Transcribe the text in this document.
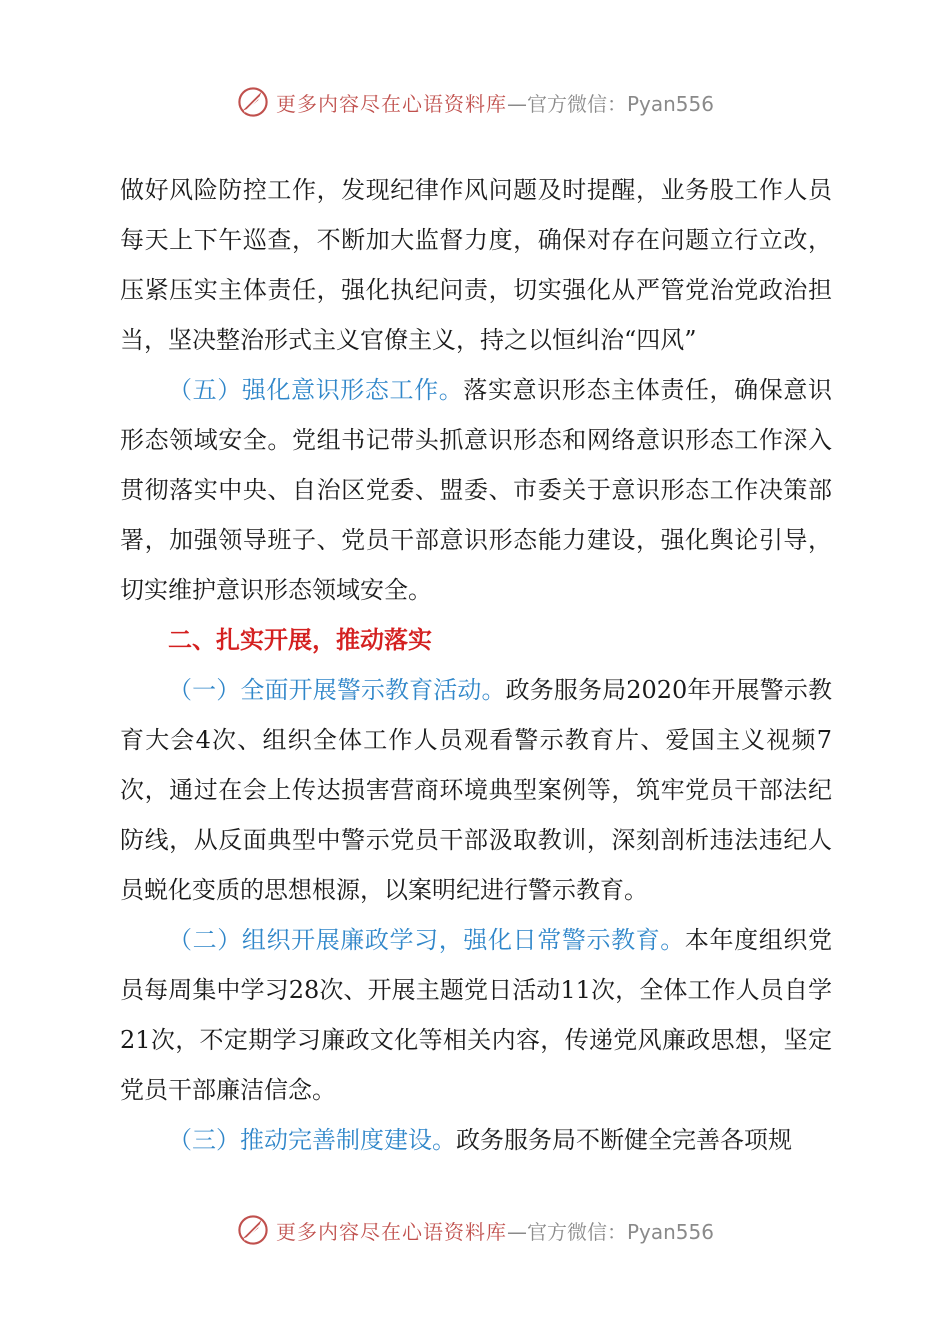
更多内容尽在心语资料库 —官方微信：Pyan556

做好风险防控工作，发现纪律作风问题及时提醒，业务股工作人员每天上下午巡查，不断加大监督力度，确保对存在问题立行立改，压紧压实主体责任，强化执纪问责，切实强化从严管党治党政治担当，坚决整治形式主义官僚主义，持之以恒纠治“四风”

（五）强化意识形态工作。落实意识形态主体责任，确保意识形态领域安全。党组书记带头抓意识形态和网络意识形态工作深入贯彻落实中央、自治区党委、盟委、市委关于意识形态工作决策部署，加强领导班子、党员干部意识形态能力建设，强化舆论引导，切实维护意识形态领域安全。

二、扎实开展，推动落实

（一）全面开展警示教育活动。政务服务局2020年开展警示教育大会4次、组织全体工作人员观看警示教育片、爱国主义视频7次，通过在会上传达损害营商环境典型案例等，筑牢党员干部法纪防线，从反面典型中警示党员干部汲取教训，深刻剖析违法违纪人员蜕化变质的思想根源，以案明纪进行警示教育。

（二）组织开展廉政学习，强化日常警示教育。本年度组织党员每周集中学习28次、开展主题党日活动11次，全体工作人员自学21次，不定期学习廉政文化等相关内容，传递党风廉政思想，坚定党员干部廉洁信念。

（三）推动完善制度建设。政务服务局不断健全完善各项规

更多内容尽在心语资料库 —官方微信：Pyan556
